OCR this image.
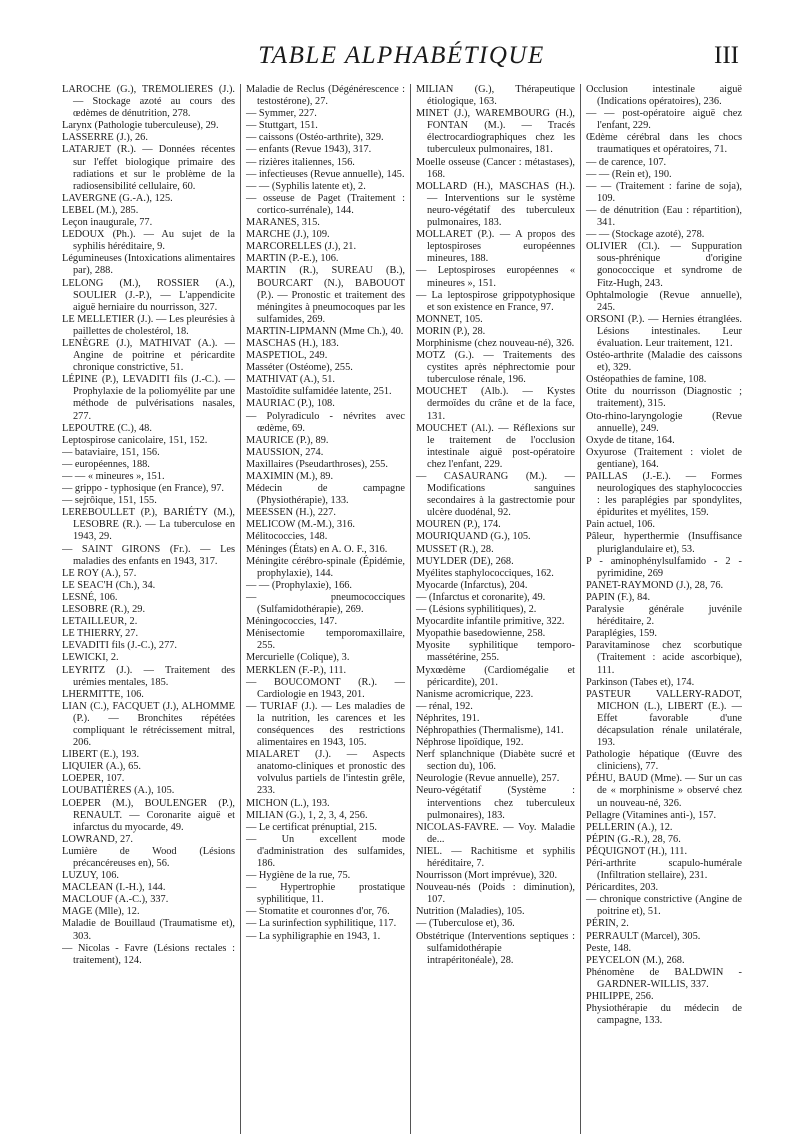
TABLE ALPHABÉTIQUE	III

LAROCHE (G.), TRÉMOLIÈRES (J.). — Stockage azoté au cours des œdèmes de dénutrition, 278.

Larynx (Pathologie tuberculeuse), 29.

LASSERRE (J.), 26.

LATARJET (R.). — Données récentes sur l'effet biologique primaire des radiations et sur le problème de la radiosensibilité cellulaire, 60.

LAVERGNE (G.-A.), 125.

LEBEL (M.), 285.

Leçon inaugurale, 77.

LEDOUX (Ph.). — Au sujet de la syphilis héréditaire, 9.

Légumineuses (Intoxications alimentaires par), 288.

LELONG (M.), ROSSIER (A.), SOULIER (J.-P.), — L'appendicite aiguë herniaire du nourrisson, 327.

LE MELLETIER (J.). — Les pleurésies à paillettes de cholestérol, 18.

LENÈGRE (J.), MATHIVAT (A.). — Angine de poitrine et péricardite chronique constrictive, 51.

LÉPINE (P.), LEVADITI fils (J.-C.). — Prophylaxie de la poliomyélite par une méthode de pulvérisations nasales, 277.

LEPOUTRE (C.), 48.

Leptospirose canicolaire, 151, 152.

— bataviaire, 151, 156.

— européennes, 188.

— — « mineures », 151.

— grippo - typhosique (en France), 97.

— sejrôique, 151, 155.

LEREBOULLET (P.), BARIÉTY (M.), LESOBRE (R.). — La tuberculose en 1943, 29.

— SAINT GIRONS (Fr.). — Les maladies des enfants en 1943, 317.

LE ROY (A.), 57.

LE SEAC'H (Ch.), 34.

LESNÉ, 106.

LESOBRE (R.), 29.

LETAILLEUR, 2.

LE THIERRY, 27.

LEVADITI fils (J.-C.), 277.

LEWICKI, 2.

LEYRITZ (J.). — Traitement des urémies mentales, 185.

LHERMITTE, 106.

LIAN (C.), FACQUET (J.), ALHOMME (P.). — Bronchites répétées compliquant le rétrécissement mitral, 206.

LIBERT (E.), 193.

LIQUIER (A.), 65.

LOEPER, 107.

LOUBATIÈRES (A.), 105.

LOEPER (M.), BOULENGER (P.), RENAULT. — Coronarite aiguë et infarctus du myocarde, 49.

LOWRAND, 27.

Lumière de Wood (Lésions précancéreuses en), 56.

LUZUY, 106.

MACLEAN (I.-H.), 144.

MACLOUF (A.-C.), 337.

MAGE (Mlle), 12.

Maladie de Bouillaud (Traumatisme et), 303.

— Nicolas - Favre (Lésions rectales : traitement), 124.

Maladie de Reclus (Dégénérescence : testostérone), 27.

— Symmer, 227.

— Stuttgart, 151.

— caissons (Ostéo-arthrite), 329.

— enfants (Revue 1943), 317.

— rizières italiennes, 156.

— infectieuses (Revue annuelle), 145.

— — (Syphilis latente et), 2.

— osseuse de Paget (Traitement : cortico-surrénale), 144.

MARANES, 315.

MARCHE (J.), 109.

MARCORELLES (J.), 21.

MARTIN (P.-E.), 106.

MARTIN (R.), SUREAU (B.), BOURCART (N.), BABOUOT (P.). — Pronostic et traitement des méningites à pneumocoques par les sulfamides, 269.

MARTIN-LIPMANN (Mme Ch.), 40.

MASCHAS (H.), 183.

MASPETIOL, 249.

Masséter (Ostéome), 255.

MATHIVAT (A.), 51.

Mastoïdite sulfamidée latente, 251.

MAURIAC (P.), 108.

— Polyradiculo - névrites avec œdème, 69.

MAURICE (P.), 89.

MAUSSION, 274.

Maxillaires (Pseudarthroses), 255.

MAXIMIN (M.), 89.

Médecin de campagne (Physiothérapie), 133.

MEESSEN (H.), 227.

MELICOW (M.-M.), 316.

Mélitococcies, 148.

Méninges (États) en A. O. F., 316.

Méningite cérébro-spinale (Épidémie, prophylaxie), 144.

— — (Prophylaxie), 166.

— pneumococciques (Sulfamidothérapie), 269.

Méningococcies, 147.

Ménisectomie temporomaxillaire, 255.

Mercurielle (Colique), 3.

MERKLEN (F.-P.), 111.

— BOUCOMONT (R.). — Cardiologie en 1943, 201.

— TURIAF (J.). — Les maladies de la nutrition, les carences et les conséquences des restrictions alimentaires en 1943, 105.

MIALARET (J.). — Aspects anatomo-cliniques et pronostic des volvulus partiels de l'intestin grêle, 233.

MICHON (L.), 193.

MILIAN (G.), 1, 2, 3, 4, 256.

— Le certificat prénuptial, 215.

— Un excellent mode d'administration des sulfamides, 186.

— Hygiène de la rue, 75.

— Hypertrophie prostatique syphilitique, 11.

— Stomatite et couronnes d'or, 76.

— La surinfection syphilitique, 117.

— La syphiligraphie en 1943, 1.

MILIAN (G.), Thérapeutique étiologique, 163.

MINET (J.), WAREMBOURG (H.), FONTAN (M.). — Tracés électrocardiographiques chez les tuberculeux pulmonaires, 181.

Moelle osseuse (Cancer : métastases), 168.

MOLLARD (H.), MASCHAS (H.). — Interventions sur le système neuro-végétatif des tuberculeux pulmonaires, 183.

MOLLARET (P.). — A propos des leptospiroses européennes mineures, 188.

— Leptospiroses européennes « mineures », 151.

— La leptospirose grippotyphosique et son existence en France, 97.

MONNET, 105.

MORIN (P.), 28.

Morphinisme (chez nouveau-né), 326.

MOTZ (G.). — Traitements des cystites après néphrectomie pour tuberculose rénale, 196.

MOUCHET (Alb.). — Kystes dermoïdes du crâne et de la face, 131.

MOUCHET (Al.). — Réflexions sur le traitement de l'occlusion intestinale aiguë post-opératoire chez l'enfant, 229.

— CASAURANG (M.). — Modifications sanguines secondaires à la gastrectomie pour ulcère duodénal, 92.

MOUREN (P.), 174.

MOURIQUAND (G.), 105.

MUSSET (R.), 28.

MUYLDER (DE), 268.

Myélites staphylococciques, 162.

Myocarde (Infarctus), 204.

— (Infarctus et coronarite), 49.

— (Lésions syphilitiques), 2.

Myocardite infantile primitive, 322.

Myopathie basedowienne, 258.

Myosite syphilitique temporo-massétérine, 255.

Myxœdème (Cardiomégalie et péricardite), 201.

Nanisme acromicrique, 223.

— rénal, 192.

Néphrites, 191.

Néphropathies (Thermalisme), 141.

Néphrose lipoïdique, 192.

Nerf splanchnique (Diabète sucré et section du), 106.

Neurologie (Revue annuelle), 257.

Neuro-végétatif (Système : interventions chez tuberculeux pulmonaires), 183.

NICOLAS-FAVRE. — Voy. Maladie de...

NIEL. — Rachitisme et syphilis héréditaire, 7.

Nourrisson (Mort imprévue), 320.

Nouveau-nés (Poids : diminution), 107.

Nutrition (Maladies), 105.

— (Tuberculose et), 36.

Obstétrique (Interventions septiques : sulfamidothérapie intrapéritonéale), 28.

Occlusion intestinale aiguë (Indications opératoires), 236.

— — post-opératoire aiguë chez l'enfant, 229.

Œdème cérébral dans les chocs traumatiques et opératoires, 71.

— de carence, 107.

— — (Rein et), 190.

— — (Traitement : farine de soja), 109.

— de dénutrition (Eau : répartition), 341.

— — (Stockage azoté), 278.

OLIVIER (Cl.). — Suppuration sous-phrénique d'origine gonococcique et syndrome de Fitz-Hugh, 243.

Ophtalmologie (Revue annuelle), 245.

ORSONI (P.). — Hernies étranglées. Lésions intestinales. Leur évaluation. Leur traitement, 121.

Ostéo-arthrite (Maladie des caissons et), 329.

Ostéopathies de famine, 108.

Otite du nourrisson (Diagnostic ; traitement), 315.

Oto-rhino-laryngologie (Revue annuelle), 249.

Oxyde de titane, 164.

Oxyurose (Traitement : violet de gentiane), 164.

PAILLAS (J.-E.). — Formes neurologiques des staphylococcies : les paraplégies par spondylites, épidurites et myélites, 159.

Pain actuel, 106.

Pâleur, hyperthermie (Insuffisance pluriglandulaire et), 53.

P - aminophénylsulfamido - 2 - pyrimidine, 269

PANET-RAYMOND (J.), 28, 76.

PAPIN (F.), 84.

Paralysie générale juvénile héréditaire, 2.

Paraplégies, 159.

Paravitaminose chez scorbutique (Traitement : acide ascorbique), 111.

Parkinson (Tabes et), 174.

PASTEUR VALLERY-RADOT, MICHON (L.), LIBERT (E.). — Effet favorable d'une décapsulation rénale unilatérale, 193.

Pathologie hépatique (Œuvre des cliniciens), 77.

PÉHU, BAUD (Mme). — Sur un cas de « morphinisme » observé chez un nouveau-né, 326.

Pellagre (Vitamines anti-), 157.

PELLERIN (A.), 12.

PÉPIN (G.-R.), 28, 76.

PÉQUIGNOT (H.), 111.

Péri-arthrite scapulo-humérale (Infiltration stellaire), 231.

Péricardites, 203.

— chronique constrictive (Angine de poitrine et), 51.

PÉRIN, 2.

PERRAULT (Marcel), 305.

Peste, 148.

PEYCELON (M.), 268.

Phénomène de BALDWIN - GARDNER-WILLIS, 337.

PHILIPPE, 256.

Physiothérapie du médecin de campagne, 133.
